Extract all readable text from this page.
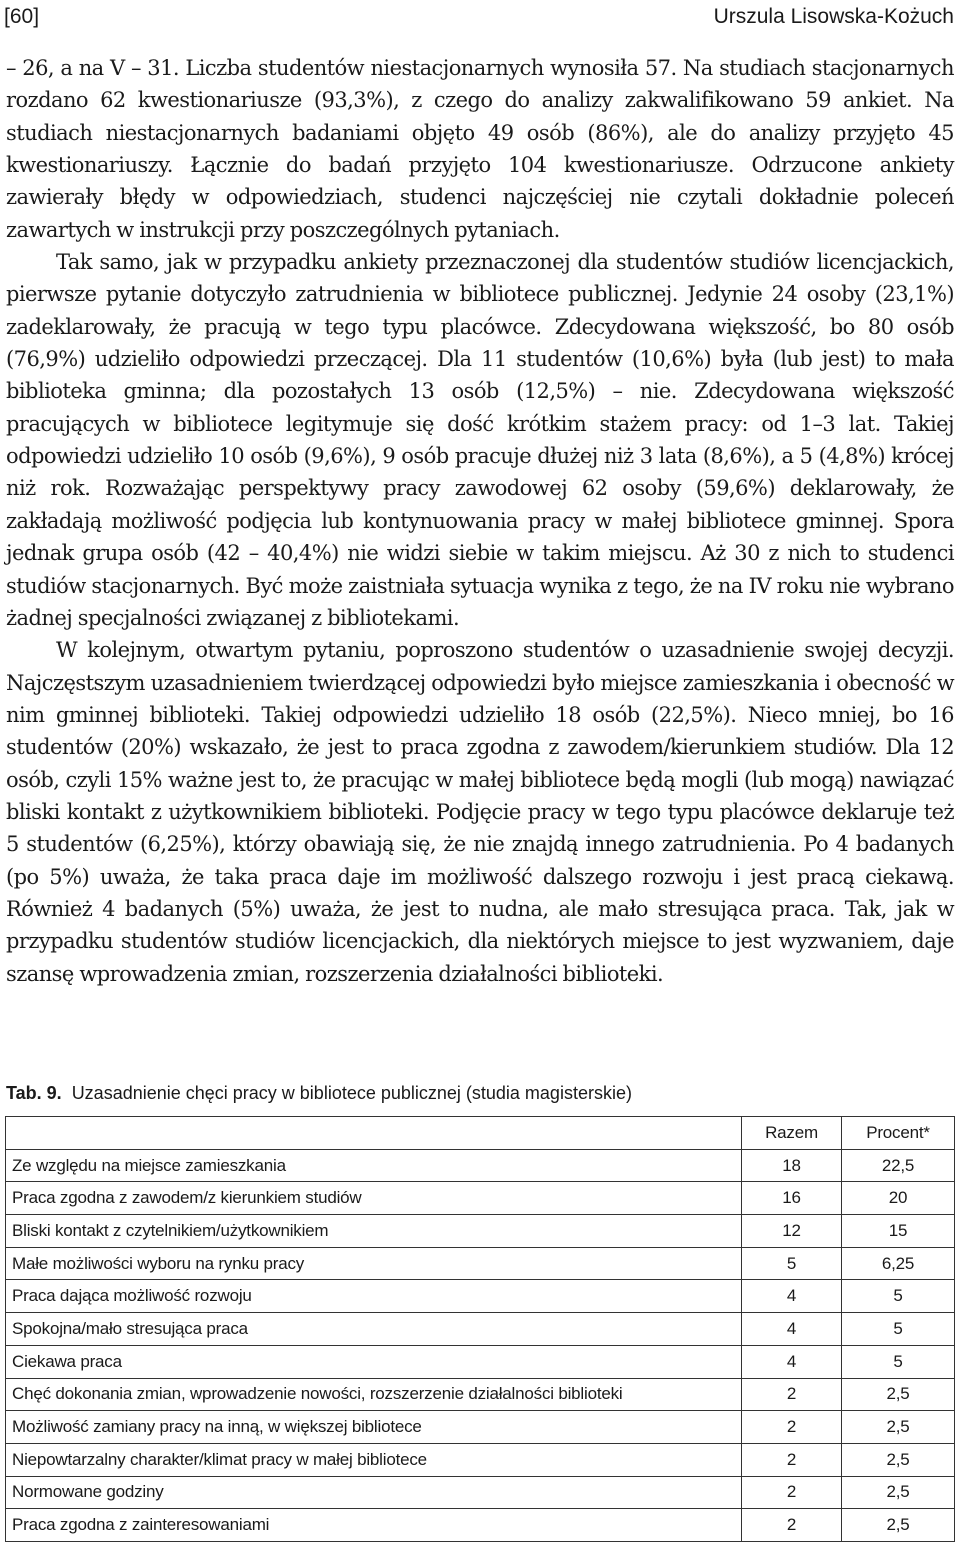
[60]	Urszula Lisowska-Kożuch

– 26, a na V – 31. Liczba studentów niestacjonarnych wynosiła 57. Na studiach stacjonarnych rozdano 62 kwestionariusze (93,3%), z czego do analizy zakwalifikowano 59 ankiet. Na studiach niestacjonarnych badaniami objęto 49 osób (86%), ale do analizy przyjęto 45 kwestionariuszy. Łącznie do badań przyjęto 104 kwestionariusze. Odrzucone ankiety zawierały błędy w odpowiedziach, studenci najczęściej nie czytali dokładnie poleceń zawartych w instrukcji przy poszczególnych pytaniach.

Tak samo, jak w przypadku ankiety przeznaczonej dla studentów studiów licencjackich, pierwsze pytanie dotyczyło zatrudnienia w bibliotece publicznej. Jedynie 24 osoby (23,1%) zadeklarowały, że pracują w tego typu placówce. Zdecydowana większość, bo 80 osób (76,9%) udzieliło odpowiedzi przeczącej. Dla 11 studentów (10,6%) była (lub jest) to mała biblioteka gminna; dla pozostałych 13 osób (12,5%) – nie. Zdecydowana większość pracujących w bibliotece legitymuje się dość krótkim stażem pracy: od 1–3 lat. Takiej odpowiedzi udzieliło 10 osób (9,6%), 9 osób pracuje dłużej niż 3 lata (8,6%), a 5 (4,8%) krócej niż rok. Rozważając perspektywy pracy zawodowej 62 osoby (59,6%) deklarowały, że zakładają możliwość podjęcia lub kontynuowania pracy w małej bibliotece gminnej. Spora jednak grupa osób (42 – 40,4%) nie widzi siebie w takim miejscu. Aż 30 z nich to studenci studiów stacjonarnych. Być może zaistniała sytuacja wynika z tego, że na IV roku nie wybrano żadnej specjalności związanej z bibliotekami.

W kolejnym, otwartym pytaniu, poproszono studentów o uzasadnienie swojej decyzji. Najczęstszym uzasadnieniem twierdzącej odpowiedzi było miejsce zamieszkania i obecność w nim gminnej biblioteki. Takiej odpowiedzi udzieliło 18 osób (22,5%). Nieco mniej, bo 16 studentów (20%) wskazało, że jest to praca zgodna z zawodem/kierunkiem studiów. Dla 12 osób, czyli 15% ważne jest to, że pracując w małej bibliotece będą mogli (lub mogą) nawiązać bliski kontakt z użytkownikiem biblioteki. Podjęcie pracy w tego typu placówce deklaruje też 5 studentów (6,25%), którzy obawiają się, że nie znajdą innego zatrudnienia. Po 4 badanych (po 5%) uważa, że taka praca daje im możliwość dalszego rozwoju i jest pracą ciekawą. Również 4 badanych (5%) uważa, że jest to nudna, ale mało stresująca praca. Tak, jak w przypadku studentów studiów licencjackich, dla niektórych miejsce to jest wyzwaniem, daje szansę wprowadzenia zmian, rozszerzenia działalności biblioteki.

Tab. 9. Uzasadnienie chęci pracy w bibliotece publicznej (studia magisterskie)
	Razem	Procent*
Ze względu na miejsce zamieszkania	18	22,5
Praca zgodna z zawodem/z kierunkiem studiów	16	20
Bliski kontakt z czytelnikiem/użytkownikiem	12	15
Małe możliwości wyboru na rynku pracy	5	6,25
Praca dająca możliwość rozwoju	4	5
Spokojna/mało stresująca praca	4	5
Ciekawa praca	4	5
Chęć dokonania zmian, wprowadzenie nowości, rozszerzenie działalności biblioteki	2	2,5
Możliwość zamiany pracy na inną, w większej bibliotece	2	2,5
Niepowtarzalny charakter/klimat pracy w małej bibliotece	2	2,5
Normowane godziny	2	2,5
Praca zgodna z zainteresowaniami	2	2,5
